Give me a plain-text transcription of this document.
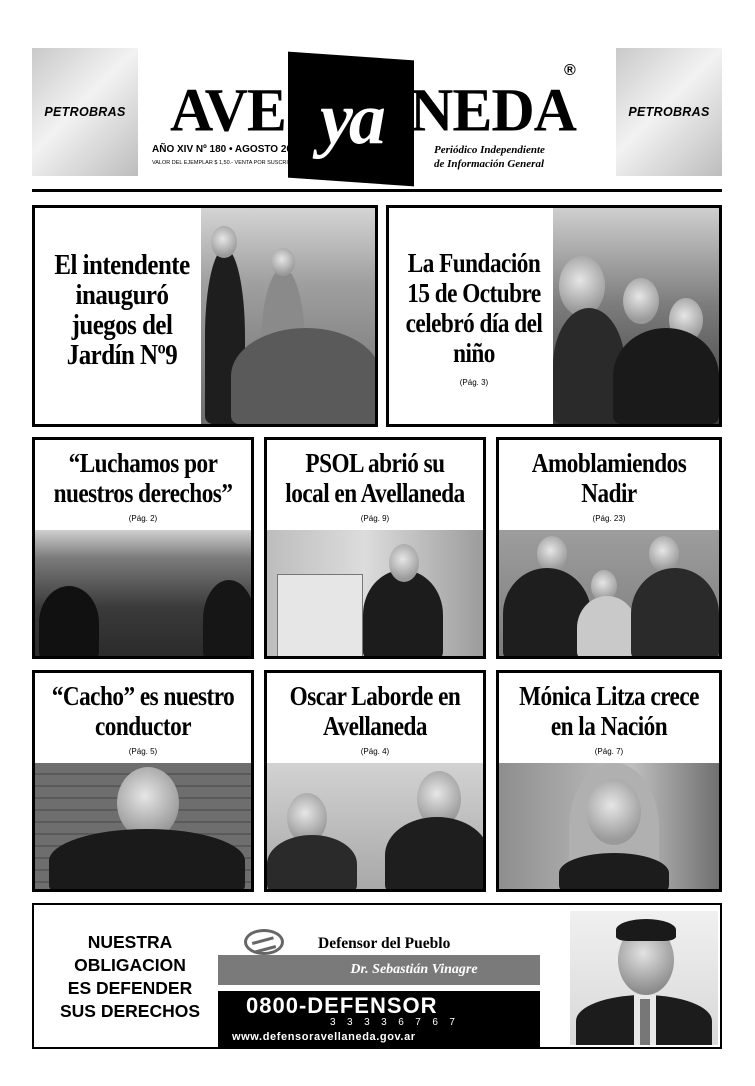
PETROBRAS	PETROBRAS
AVE ya NEDA
®
AÑO XIV Nº 180 • AGOSTO 2010
VALOR DEL EJEMPLAR $ 1,50.- VENTA POR SUSCRIPCION
Periódico Independiente
de Información General
El intendente inauguró juegos del Jardín Nº9
La Fundación 15 de Octubre celebró día del niño
(Pág. 3)
“Luchamos por nuestros derechos”
(Pág. 2)
PSOL abrió su local en Avellaneda
(Pág. 9)
Amoblamiendos Nadir
(Pág. 23)
“Cacho” es nuestro conductor
(Pág. 5)
Oscar Laborde en Avellaneda
(Pág. 4)
Mónica Litza crece en la Nación
(Pág. 7)
NUESTRA
OBLIGACION
ES DEFENDER
SUS DERECHOS
Defensor del Pueblo
Dr. Sebastián Vinagre
0800-DEFENSOR
33336767
www.defensoravellaneda.gov.ar
